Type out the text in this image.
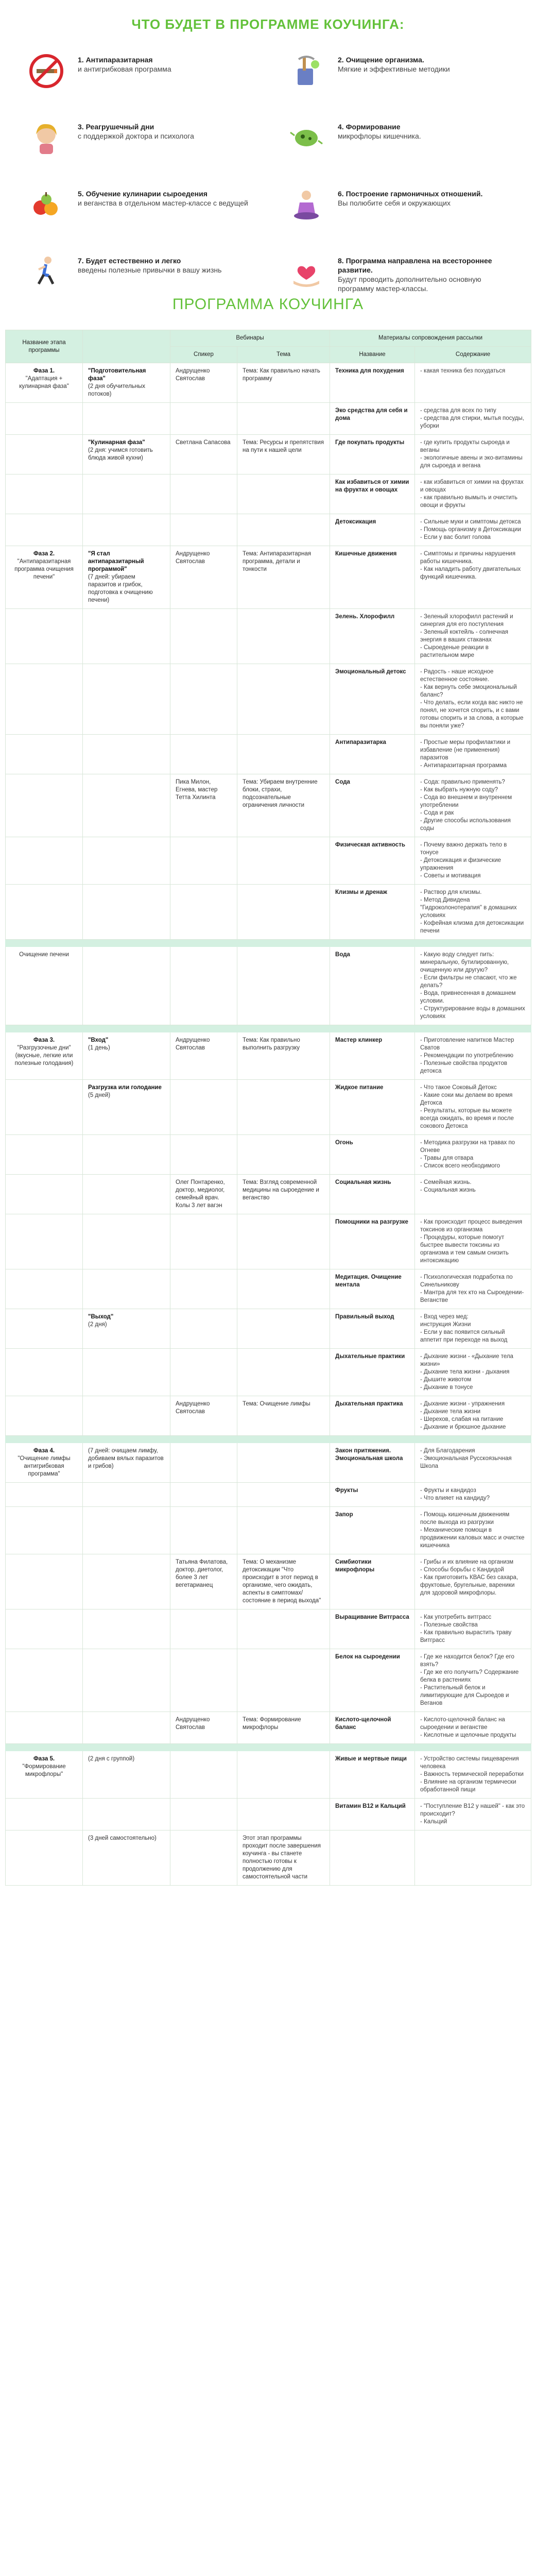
ЧТО БУДЕТ В ПРОГРАММЕ КОУЧИНГА:
1. Антипаразитарная
и антигрибковая программа
2. Очищение организма.
Мягкие и эффективные методики
3. Реагрушечный дни
с поддержкой доктора и психолога
4. Формирование
микрофлоры кишечника.
5. Обучение кулинарии сыроедения
и веганства в отдельном мастер-классе с ведущей
6. Построение гармоничных отношений.
Вы полюбите себя и окружающих
7. Будет естественно и легко
введены полезные привычки в вашу жизнь
8. Программа направлена на всестороннее развитие.
Будут проводить дополнительно основную программу мастер-классы.
ПРОГРАММА КОУЧИНГА
Название этапа программы		Вебинары		Материалы сопровождения рассылки	
		Спикер	Тема	Название	Содержание

Фаза 1.
"Адаптация + кулинарная фаза"	"Подготовительная фаза"
(2 дня обучительных потоков)	Андрущенко Святослав	Тема: Как правильно начать программу	Техника для похудения	- какая техника без похудаться

				Эко средства для себя и дома	- средства для всех по типу
- средства для стирки, мытья посуды, уборки

	"Кулинарная фаза"
(2 дня: учимся готовить блюда живой кухни)	Светлана Сапасова	Тема: Ресурсы и препятствия на пути к нашей цели	Где покупать продукты	- где купить продукты сыроеда и веганы
- экологичные авены и эко-витамины для сыроеда и вегана

				Как избавиться от химии на фруктах и овощах	- как избавиться от химии на фруктах и овощах
- как правильно вымыть и очистить овощи и фрукты

				Детоксикация	- Сильные муки и симптомы детокса
- Помощь организму в Детоксикации
- Если у вас болит голова

Фаза 2.
"Антипаразитарная программа очищения печени"	"Я стал антипаразитарный программой"
(7 дней: убираем паразитов и грибок, подготовка к очищению печени)	Андрущенко Святослав	Тема: Антипаразитарная программа, детали и тонкости	Кишечные движения	- Симптомы и причины нарушения работы кишечника.
- Как наладить работу двигательных функций кишечника.

				Зелень. Хлорофилл	- Зеленый хлорофилл растений и синергия для его поступления
- Зеленый коктейль - солнечная энергия в ваших стаканах
- Сыроеденые реакции в растительном мире

				Эмоциональный детокс	- Радость - наше исходное естественное состояние.
- Как вернуть себе эмоциональный баланс?
- Что делать, если когда вас никто не понял, не хочется спорить, и с вами готовы спорить и за слова, а которые вы поняли уже?

				Антипаразитарка	- Простые меры профилактики и избавление (не применения) паразитов
- Антипаразитарная программа

		Пика Милон, Егнева, мастер Тетта Хилинта	Тема: Убираем внутренние блоки, страхи, подсознательные ограничения личности	Сода	- Сода: правильно применять?
- Как выбрать нужную соду?
- Сода во внешнем и внутреннем употреблении
- Сода и рак
- Другие способы использования соды

				Физическая активность	- Почему важно держать тело в тонусе
- Детоксикация и физические упражнения
- Советы и мотивация

				Клизмы и дренаж	- Раствор для клизмы.
- Метод Дивидена "Гидроколонотерапия" в домашних условиях
- Кофейная клизма для детоксикации печени

Очищение печени				Вода	- Какую воду следует пить: минеральную, бутилированную, очищенную или другую?
- Если фильтры не спасают, что же делать?
- Вода, привнесенная в домашнем условии.
- Структурирование воды в домашних условиях

Фаза 3.
"Разгрузочные дни"
(вкусные, легкие или полезные голодания)	"Вход"
(1 день)	Андрущенко Святослав	Тема: Как правильно выполнить разгрузку	Мастер клинкер	- Приготовление напитков Мастер Сватов
- Рекомендации по употреблению
- Полезные свойства продуктов детокса

	Разгрузка или голодание
(5 дней)			Жидкое питание	- Что такое Соковый Детокс
- Какие соки мы делаем во время Детокса
- Результаты, которые вы можете всегда ожидать, во время и после сокового Детокса

				Огонь	- Методика разгрузки на травах по Огневе
- Травы для отвара
- Список всего необходимого

		Олег Понтаренко, доктор, медиолог, семейный врач. Колы 3 лет вагэн	Тема: Взгляд современной медицины на сыроедение и веганство	Социальная жизнь	- Семейная жизнь.
- Социальная жизнь

				Помощники на разгрузке	- Как происходит процесс выведения токсинов из организма
- Процедуры, которые помогут быстрее вывести токсины из организма и тем самым снизить интоксикацию

				Медитация. Очищение ментала	- Психологическая подработка по Синельникову
- Мантра для тех кто на Сыроедении-Веганстве

	"Выход"
(2 дня)			Правильный выход	- Вход через мед:
инструкция Жизни
- Если у вас появится сильный аппетит при переходе на выход

				Дыхательные практики	- Дыхание жизни - «Дыхание тела жизни»
- Дыхание тела жизни - дыхания
- Дышите животом
- Дыхание в тонусе

		Андрущенко Святослав	Тема: Очищение лимфы	Дыхательная практика	- Дыхание жизни - упражнения
- Дыхание тела жизни
- Шерехов, слабая на питание
- Дыхание и брюшное дыхание

Фаза 4.
"Очищение лимфы антигрибковая программа"	(7 дней: очищаем лимфу, добиваем вялых паразитов и грибов)			Закон притяжения. Эмоциональная школа	- Для Благодарения
- Эмоциональная Русскоязычная Школа

				Фрукты	- Фрукты и кандидоз
- Что влияет на кандиду?

				Запор	- Помощь кишечным движениям после выхода из разгрузки
- Механические помощи в продвижении каловых масс и очистке кишечника

		Татьяна Филатова, доктор, диетолог, более 3 лет вегетарианец	Тема: О механизме детоксикации "Что происходит в этот период в организме, чего ожидать, аспекты в симптомах/состояние в период выхода"	Симбиотики микрофлоры	- Грибы и их влияние на организм
- Способы борьбы с Кандидой
- Как приготовить КВАС без сахара, фруктовые, бругельные, вареники для здоровой микрофлоры.

				Выращивание Витграсса	- Как употребить витграсс
- Полезные свойства
- Как правильно вырастить траву Витграсс

				Белок на сыроедении	- Где же находится белок? Где его взять?
- Где же его получить? Содержание белка в растениях
- Растительный белок и лимитирующие для Сыроедов и Веганов

		Андрущенко Святослав	Тема: Формирование микрофлоры	Кислото-щелочной баланс	- Кислото-щелочной баланс на сыроедении и веганстве
- Кислотные и щелочные продукты

Фаза 5.
"Формирование микрофлоры"	(2 дня с группой)			Живые и мертвые пищи	- Устройство системы пищеварения человека
- Важность термической переработки
- Влияние на организм термически обработанной пищи

				Витамин B12 и Кальций	- "Поступление B12 у нашей" - как это происходит?
- Кальций

	(3 дней самостоятельно)		Этот этап программы проходит после завершения коучинга - вы станете полностью готовы к продолжению для самостоятельной части		
